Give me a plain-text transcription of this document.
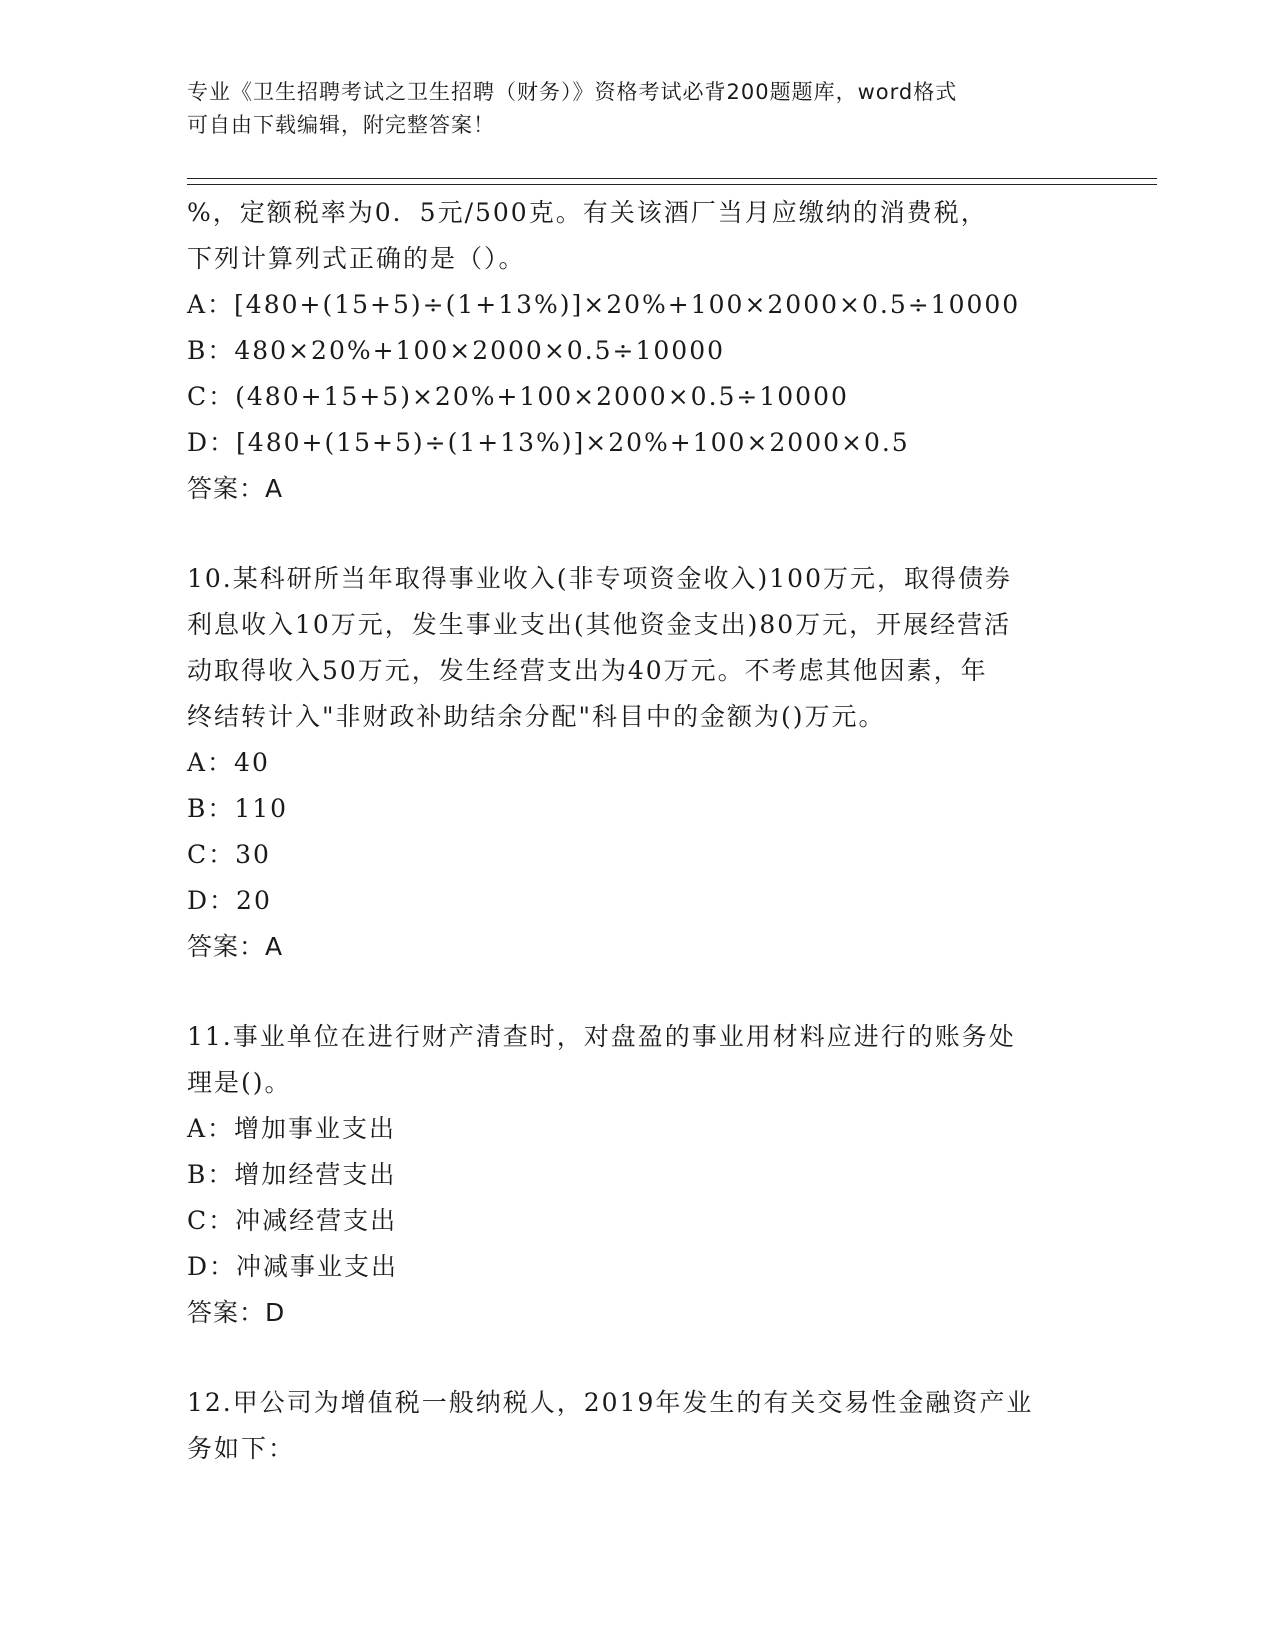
专业《卫生招聘考试之卫生招聘（财务）》资格考试必背200题题库，word格式
可自由下载编辑，附完整答案！
%，定额税率为0．5元/500克。有关该酒厂当月应缴纳的消费税，
下列计算列式正确的是（）。
A：[480+(15+5)÷(1+13%)]×20%+100×2000×0.5÷10000
B：480×20%+100×2000×0.5÷10000
C：(480+15+5)×20%+100×2000×0.5÷10000
D：[480+(15+5)÷(1+13%)]×20%+100×2000×0.5
答案：A
10.某科研所当年取得事业收入(非专项资金收入)100万元，取得债券
利息收入10万元，发生事业支出(其他资金支出)80万元，开展经营活
动取得收入50万元，发生经营支出为40万元。不考虑其他因素，年
终结转计入"非财政补助结余分配"科目中的金额为()万元。
A：40
B：110
C：30
D：20
答案：A
11.事业单位在进行财产清查时，对盘盈的事业用材料应进行的账务处
理是()。
A：增加事业支出
B：增加经营支出
C：冲减经营支出
D：冲减事业支出
答案：D
12.甲公司为增值税一般纳税人，2019年发生的有关交易性金融资产业
务如下：
